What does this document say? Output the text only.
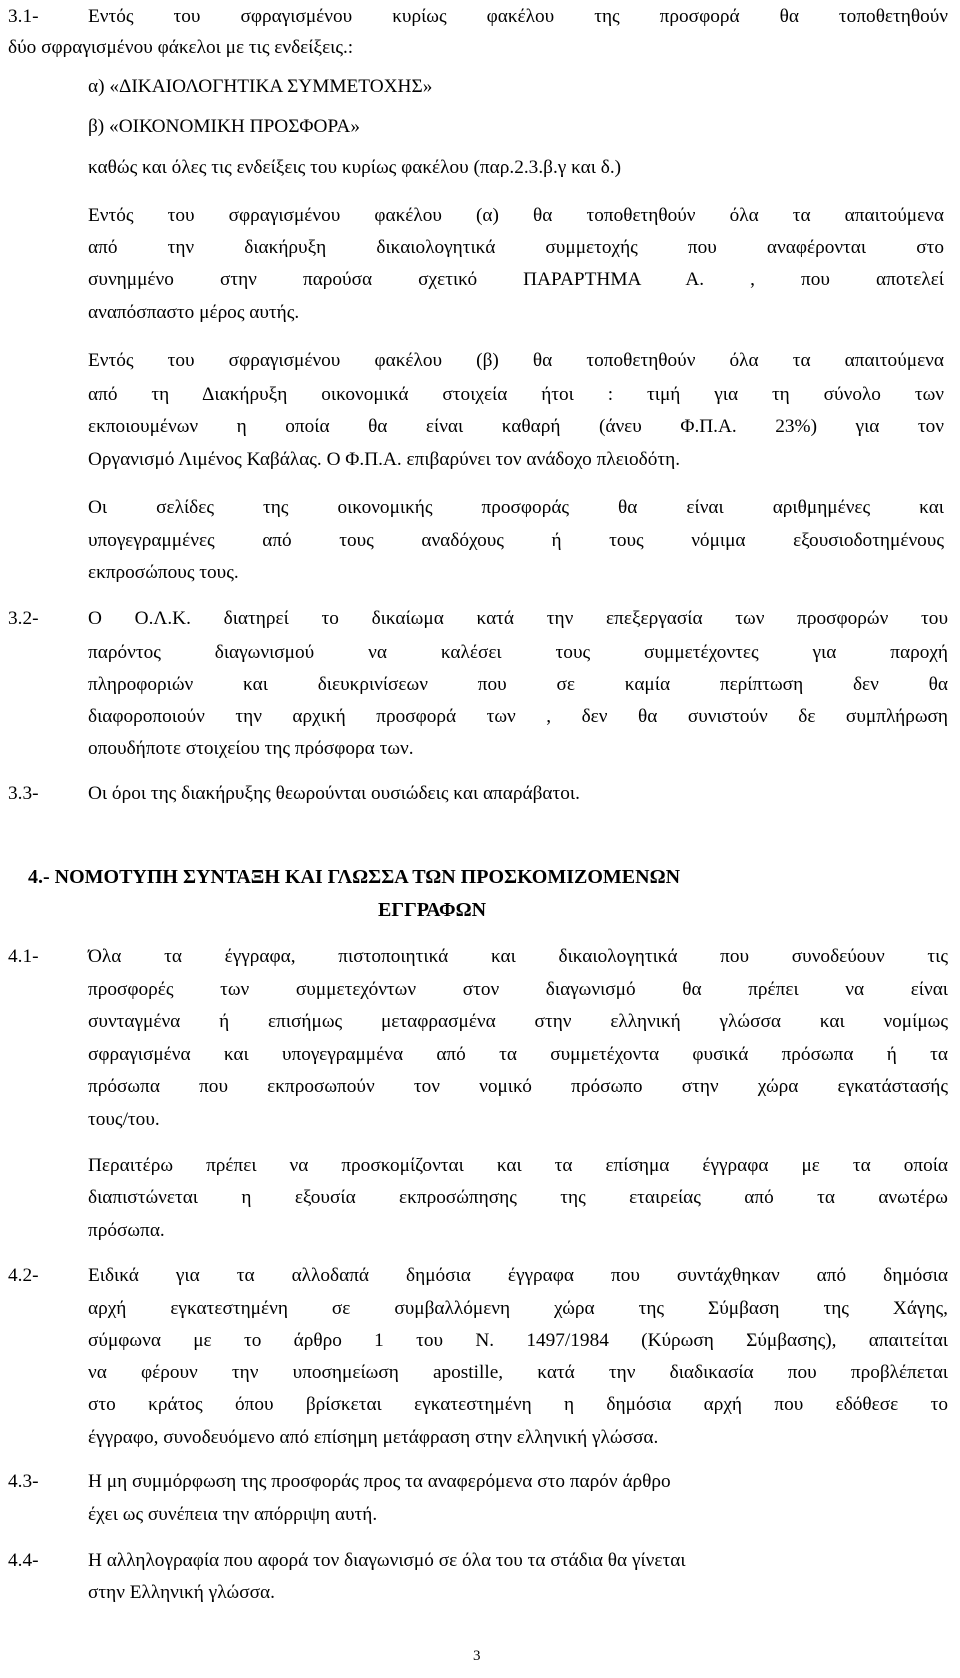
3.1-	Εντός του σφραγισμένου κυρίως φακέλου της προσφορά θα τοποθετηθούν
δύο σφραγισμένου φάκελοι με τις ενδείξεις.:
α) «ΔΙΚΑΙΟΛΟΓΗΤΙΚΑ ΣΥΜΜΕΤΟΧΗΣ»
β) «ΟΙΚΟΝΟΜΙΚΗ ΠΡΟΣΦΟΡΑ»
καθώς και όλες τις ενδείξεις του κυρίως φακέλου (παρ.2.3.β.γ και δ.)
Εντός του σφραγισμένου φακέλου (α) θα τοποθετηθούν όλα τα απαιτούμενα
από την διακήρυξη δικαιολογητικά συμμετοχής που αναφέρονται στο
συνημμένο στην παρούσα σχετικό ΠΑΡΑΡΤΗΜΑ Α. , που αποτελεί
αναπόσπαστο μέρος αυτής.
Εντός του σφραγισμένου φακέλου (β) θα τοποθετηθούν όλα τα απαιτούμενα
από τη Διακήρυξη οικονομικά στοιχεία ήτοι : τιμή για τη σύνολο των
εκποιουμένων η οποία θα είναι καθαρή (άνευ Φ.Π.Α. 23%) για τον
Οργανισμό Λιμένος Καβάλας. Ο Φ.Π.Α. επιβαρύνει τον ανάδοχο πλειοδότη.
Οι σελίδες της οικονομικής προσφοράς θα είναι αριθμημένες και
υπογεγραμμένες από τους αναδόχους ή τους νόμιμα εξουσιοδοτημένους
εκπροσώπους τους.
3.2-	Ο Ο.Λ.Κ. διατηρεί το δικαίωμα κατά την επεξεργασία των προσφορών του
παρόντος διαγωνισμού να καλέσει τους συμμετέχοντες για παροχή
πληροφοριών και διευκρινίσεων που σε καμία περίπτωση δεν θα
διαφοροποιούν την αρχική προσφορά των , δεν θα συνιστούν δε συμπλήρωση
οπουδήποτε στοιχείου της πρόσφορα των.
3.3-	Οι όροι της διακήρυξης θεωρούνται ουσιώδεις και απαράβατοι.
4.- ΝΟΜΟΤΥΠΗ ΣΥΝΤΑΞΗ ΚΑΙ ΓΛΩΣΣΑ ΤΩΝ ΠΡΟΣΚΟΜΙΖΟΜΕΝΩΝ
ΕΓΓΡΑΦΩΝ
4.1-	Όλα τα έγγραφα, πιστοποιητικά και δικαιολογητικά που συνοδεύουν τις
προσφορές των συμμετεχόντων στον διαγωνισμό θα πρέπει να είναι
συνταγμένα ή επισήμως μεταφρασμένα στην ελληνική γλώσσα και νομίμως
σφραγισμένα και υπογεγραμμένα από τα συμμετέχοντα φυσικά πρόσωπα ή τα
πρόσωπα που εκπροσωπούν τον νομικό πρόσωπο στην χώρα εγκατάστασής
τους/του.
Περαιτέρω πρέπει να προσκομίζονται και τα επίσημα έγγραφα με τα οποία
διαπιστώνεται η εξουσία εκπροσώπησης της εταιρείας από τα ανωτέρω
πρόσωπα.
4.2-	Ειδικά για τα αλλοδαπά δημόσια έγγραφα που συντάχθηκαν από δημόσια
αρχή εγκατεστημένη σε συμβαλλόμενη χώρα της Σύμβαση της Χάγης,
σύμφωνα με το άρθρο 1 του Ν. 1497/1984 (Κύρωση Σύμβασης), απαιτείται
να φέρουν την υποσημείωση apostille, κατά την διαδικασία που προβλέπεται
στο κράτος όπου βρίσκεται εγκατεστημένη η δημόσια αρχή που εδόθεσε το
έγγραφο, συνοδευόμενο από επίσημη μετάφραση στην ελληνική γλώσσα.
4.3-	Η μη συμμόρφωση της προσφοράς προς τα αναφερόμενα στο παρόν άρθρο
έχει ως συνέπεια την απόρριψη αυτή.
4.4-	Η αλληλογραφία που αφορά τον διαγωνισμό σε όλα του τα στάδια θα γίνεται
στην Ελληνική γλώσσα.
3
